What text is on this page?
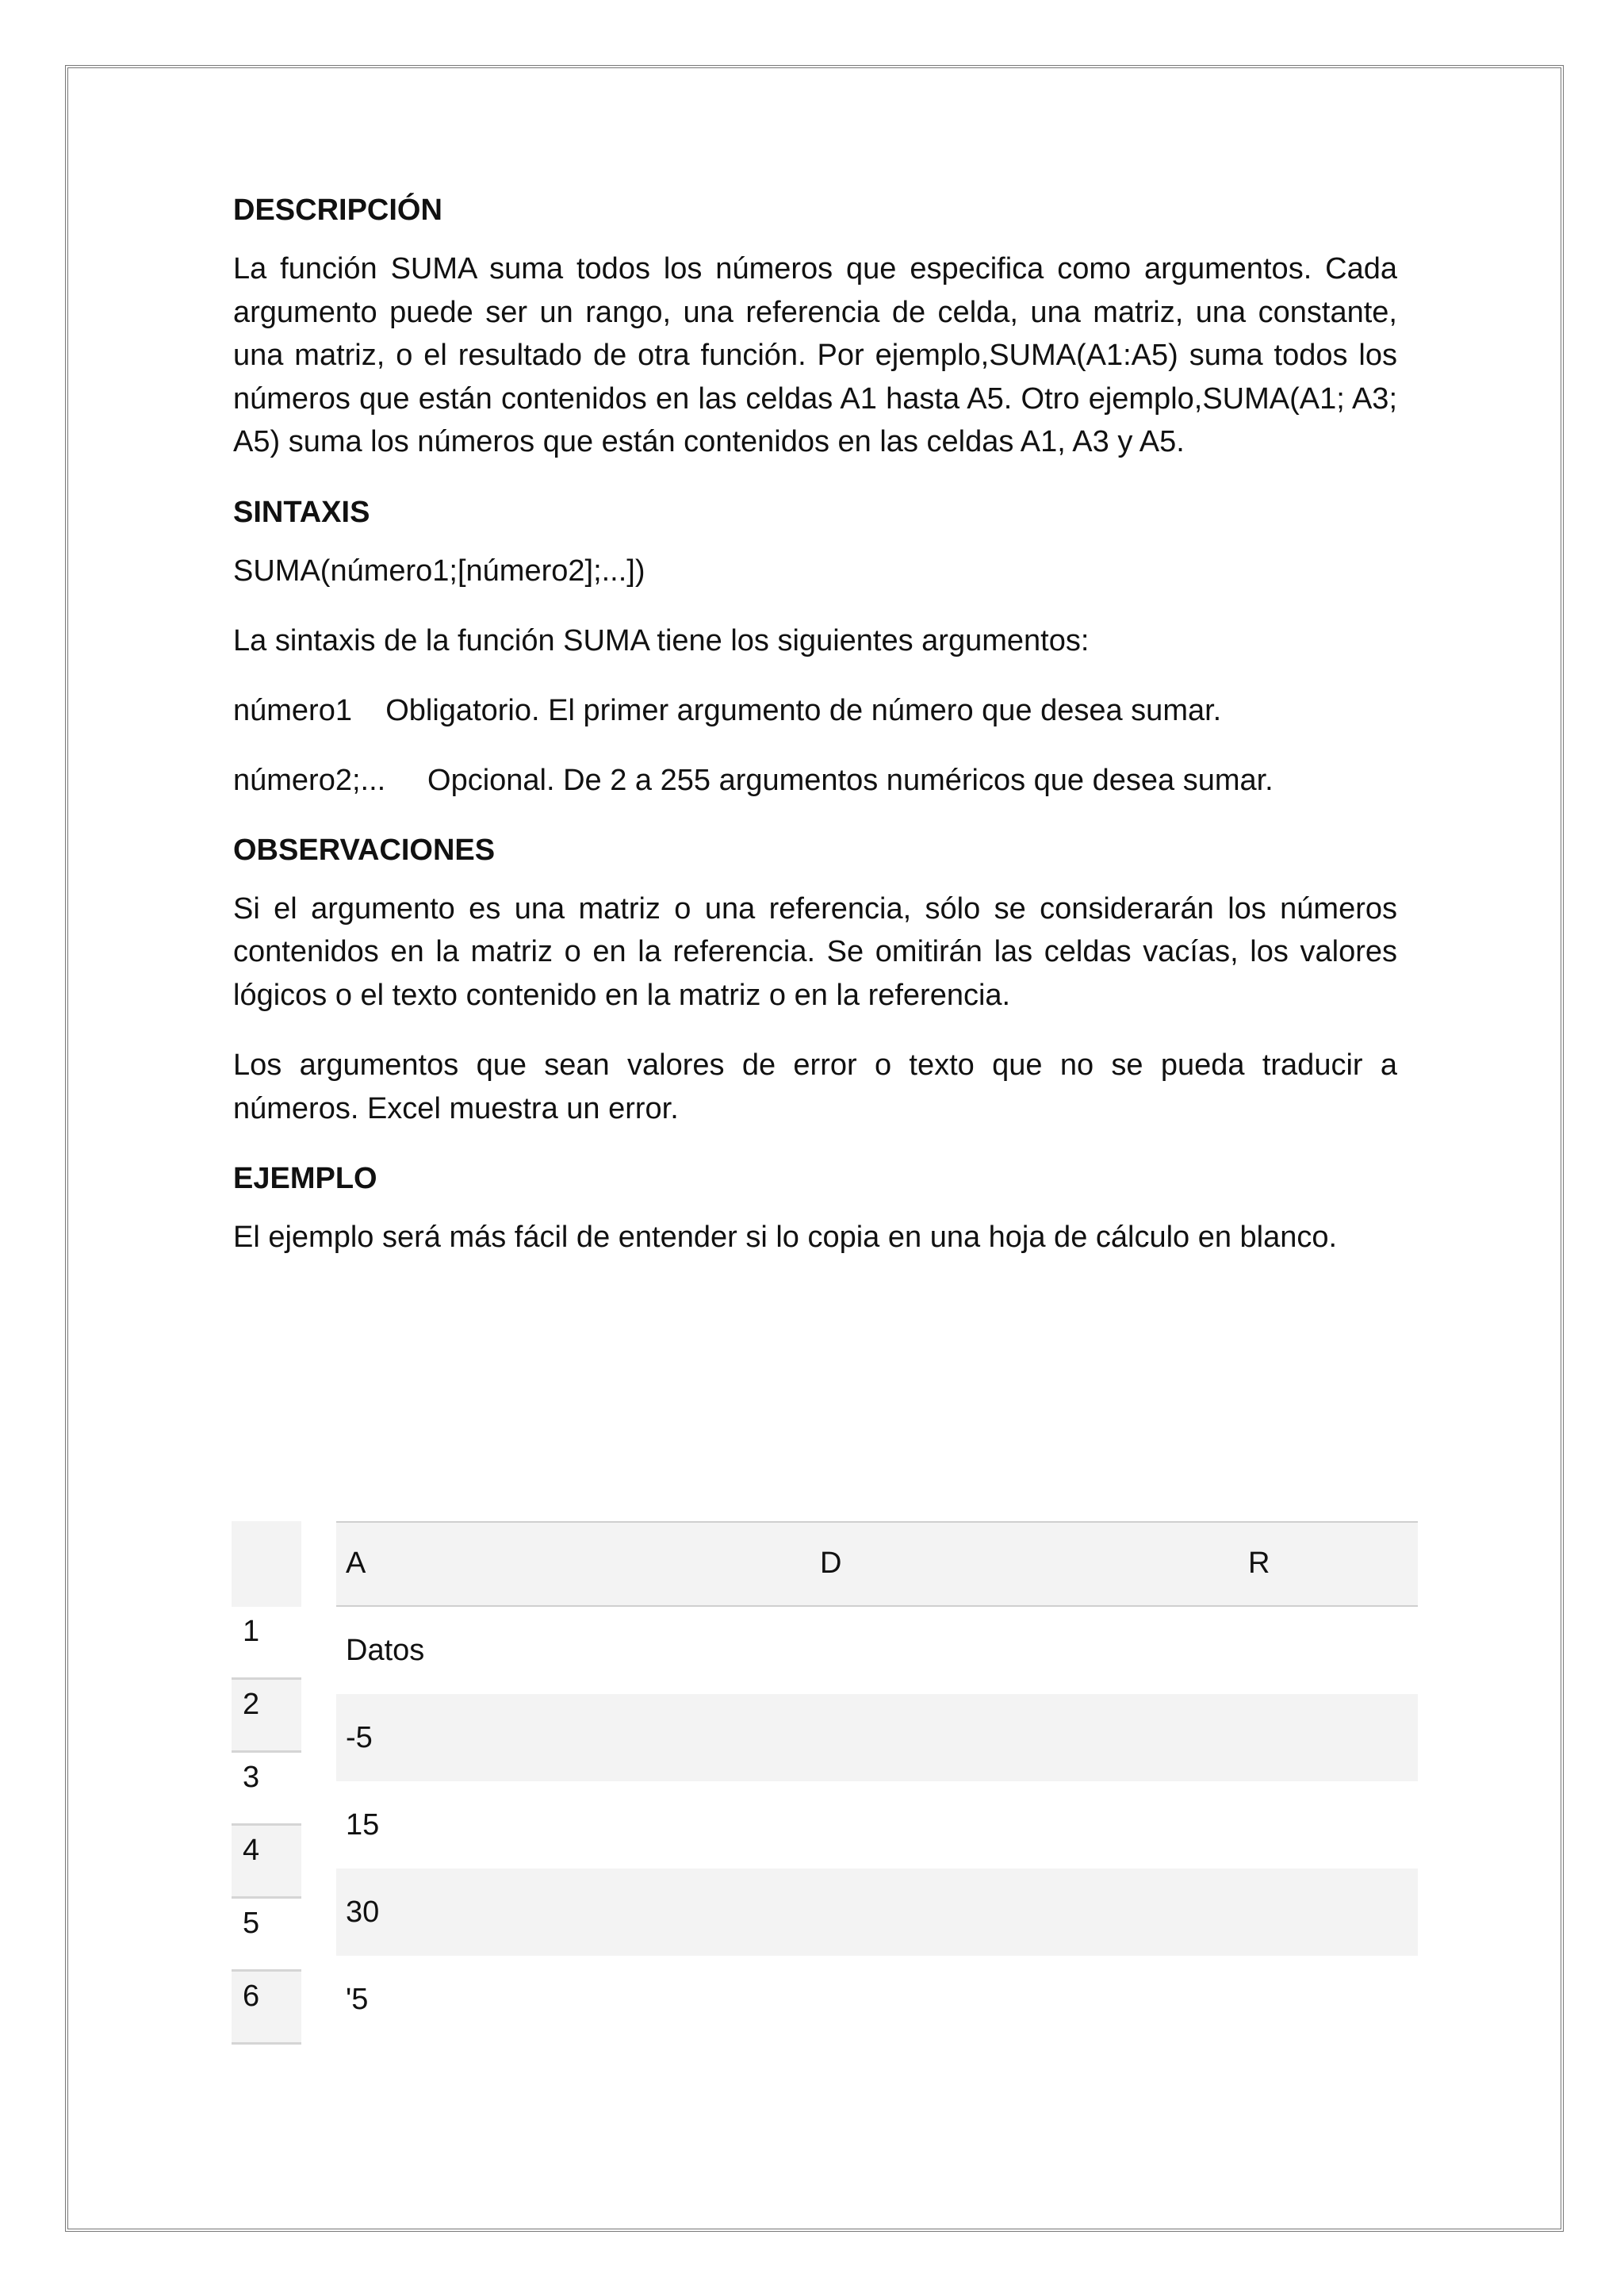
DESCRIPCIÓN
La función SUMA suma todos los números que especifica como argumentos. Cada argumento puede ser un rango, una referencia de celda, una matriz, una constante, una matriz, o el resultado de otra función. Por ejemplo,SUMA(A1:A5) suma todos los números que están contenidos en las celdas A1 hasta A5. Otro ejemplo,SUMA(A1; A3; A5) suma los números que están contenidos en las celdas A1, A3 y A5.
SINTAXIS
SUMA(número1;[número2];...])
La sintaxis de la función SUMA tiene los siguientes argumentos:
número1 Obligatorio. El primer argumento de número que desea sumar.
número2;... Opcional. De 2 a 255 argumentos numéricos que desea sumar.
OBSERVACIONES
Si el argumento es una matriz o una referencia, sólo se considerarán los números contenidos en la matriz o en la referencia. Se omitirán las celdas vacías, los valores lógicos o el texto contenido en la matriz o en la referencia.
Los argumentos que sean valores de error o texto que no se pueda traducir a números. Excel muestra un error.
EJEMPLO
El ejemplo será más fácil de entender si lo copia en una hoja de cálculo en blanco.
1
2
3
4
5
6
A	D	R
Datos
-5
15
30
'5
